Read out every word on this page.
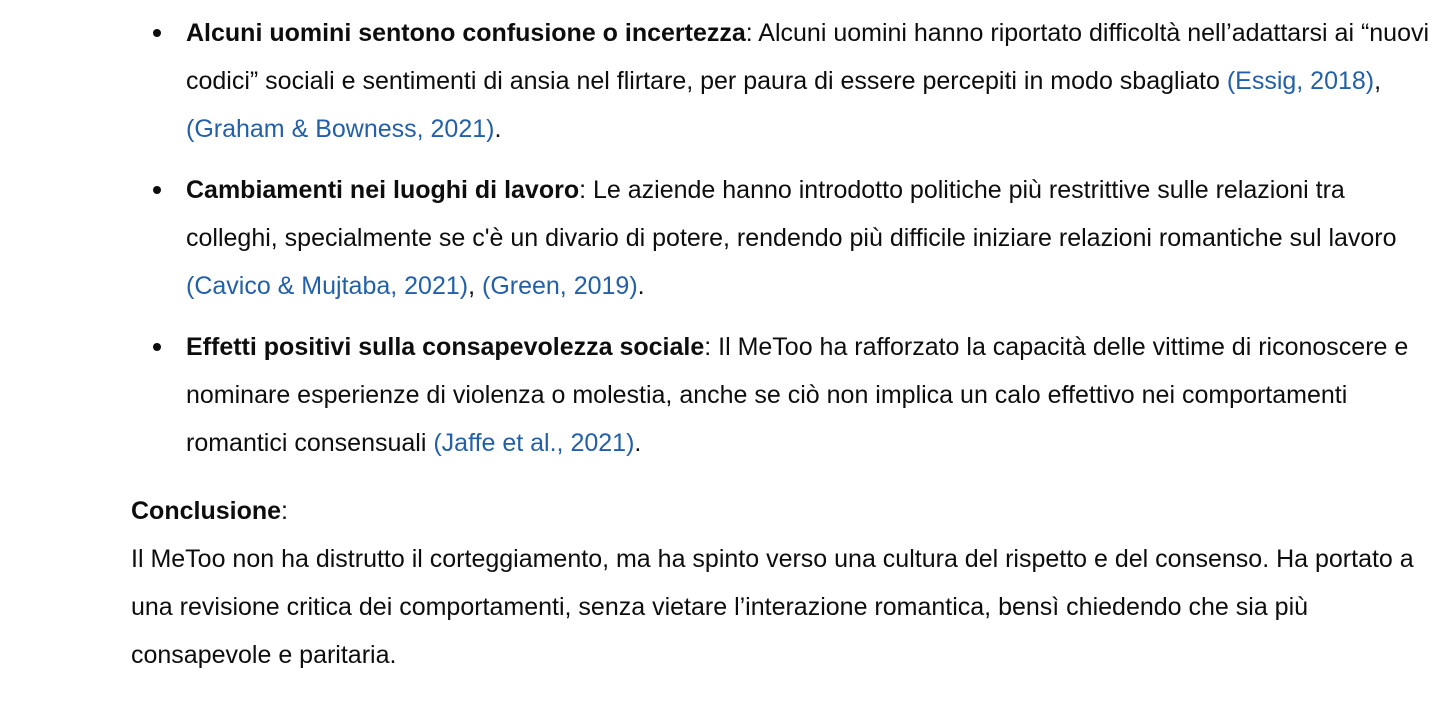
Alcuni uomini sentono confusione o incertezza: Alcuni uomini hanno riportato difficoltà nell’adattarsi ai “nuovi codici” sociali e sentimenti di ansia nel flirtare, per paura di essere percepiti in modo sbagliato (Essig, 2018), (Graham & Bowness, 2021).
Cambiamenti nei luoghi di lavoro: Le aziende hanno introdotto politiche più restrittive sulle relazioni tra colleghi, specialmente se c'è un divario di potere, rendendo più difficile iniziare relazioni romantiche sul lavoro (Cavico & Mujtaba, 2021), (Green, 2019).
Effetti positivi sulla consapevolezza sociale: Il MeToo ha rafforzato la capacità delle vittime di riconoscere e nominare esperienze di violenza o molestia, anche se ciò non implica un calo effettivo nei comportamenti romantici consensuali (Jaffe et al., 2021).
Conclusione:
Il MeToo non ha distrutto il corteggiamento, ma ha spinto verso una cultura del rispetto e del consenso. Ha portato a una revisione critica dei comportamenti, senza vietare l’interazione romantica, bensì chiedendo che sia più consapevole e paritaria.
